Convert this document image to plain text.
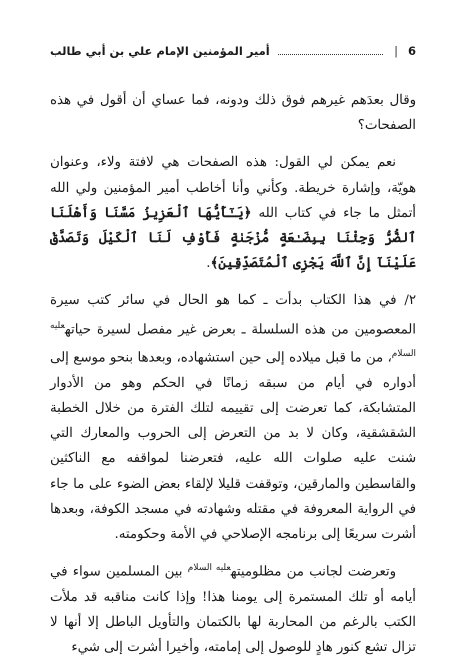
6
|
أمير المؤمنين الإمام علي بن أبي طالب

وقال بعدَهم غيرهم فوق ذلك ودونه، فما عساي أن أقول في هذه الصفحات؟

نعم يمكن لي القول: هذه الصفحات هي لافتة ولاء، وعنوان هويّة، وإشارة خريطة. وكأني وأنا أخاطب أمير المؤمنين ولي الله أتمثل ما جاء في كتاب الله ﴿يَـٰٓأَيُّهَا ٱلْعَزِيزُ مَسَّنَا وَأَهْلَنَا ٱلضُّرُّ وَجِئْنَا بِبِضَـٰعَةٍ مُّزْجَىٰةٍ فَأَوْفِ لَنَا ٱلْكَيْلَ وَتَصَدَّقْ عَلَيْنَآ إِنَّ ٱللَّهَ يَجْزِى ٱلْمُتَصَدِّقِينَ﴾.

٢/ في هذا الكتاب بدأت ـ كما هو الحال في سائر كتب سيرة المعصومين من هذه السلسلة ـ بعرض غير مفصل لسيرة حياته$^{عليه السلام}$، من ما قبل ميلاده إلى حين استشهاده، وبعدها بنحو موسع إلى أدواره في أيام من سبقه زمانًا في الحكم وهو من الأدوار المتشابكة، كما تعرضت إلى تقييمه لتلك الفترة من خلال الخطبة الشقشقية، وكان لا بد من التعرض إلى الحروب والمعارك التي شنت عليه صلوات الله عليه، فتعرضنا لمواقفه مع الناكثين والقاسطين والمارقين، وتوقفت قليلا لإلقاء بعض الضوء على ما جاء في الرواية المعروفة في مقتله وشهادته في مسجد الكوفة، وبعدها أشرت سريعًا إلى برنامجه الإصلاحي في الأمة وحكومته.

وتعرضت لجانب من مظلوميته$^{عليه السلام}$ بين المسلمين سواء في أيامه أو تلك المستمرة إلى يومنا هذا! وإذا كانت مناقبه قد ملأت الكتب بالرغم من المحاربة لها بالكتمان والتأويل الباطل إلا أنها لا تزال تشع كنور هادٍ للوصول إلى إمامته، وأخيرا أشرت إلى شيء
